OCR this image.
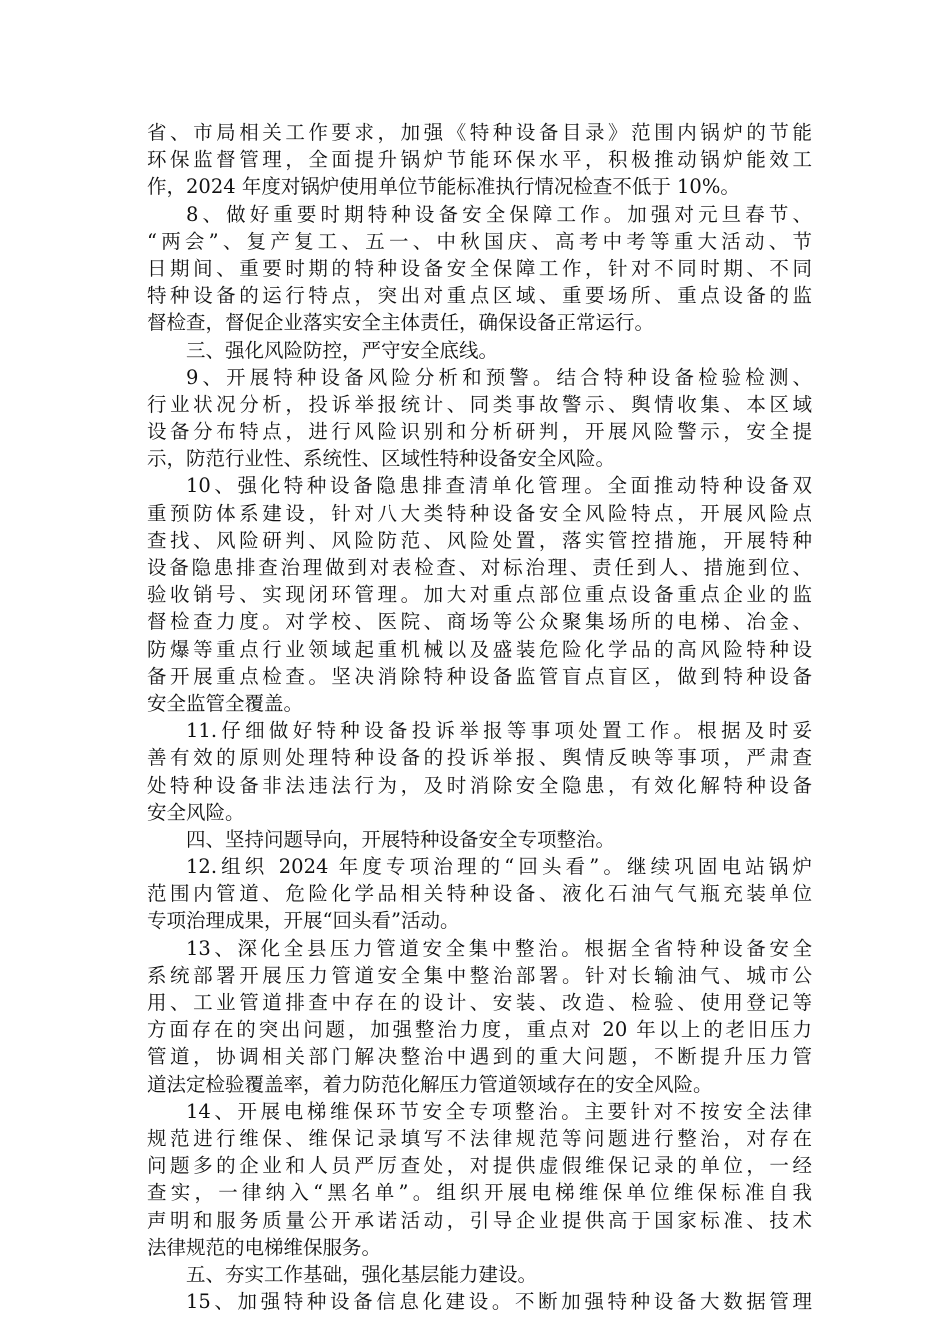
省、市局相关工作要求，加强《特种设备目录》范围内锅炉的节能
环保监督管理，全面提升锅炉节能环保水平，积极推动锅炉能效工
作，2024 年度对锅炉使用单位节能标准执行情况检查不低于 10%。
8、做好重要时期特种设备安全保障工作。加强对元旦春节、
“两会”、复产复工、五一、中秋国庆、高考中考等重大活动、节
日期间、重要时期的特种设备安全保障工作，针对不同时期、不同
特种设备的运行特点，突出对重点区域、重要场所、重点设备的监
督检查，督促企业落实安全主体责任，确保设备正常运行。
三、强化风险防控，严守安全底线。
9、开展特种设备风险分析和预警。结合特种设备检验检测、
行业状况分析，投诉举报统计、同类事故警示、舆情收集、本区域
设备分布特点，进行风险识别和分析研判，开展风险警示，安全提
示，防范行业性、系统性、区域性特种设备安全风险。
10、强化特种设备隐患排查清单化管理。全面推动特种设备双
重预防体系建设，针对八大类特种设备安全风险特点，开展风险点
查找、风险研判、风险防范、风险处置，落实管控措施，开展特种
设备隐患排查治理做到对表检查、对标治理、责任到人、措施到位、
验收销号、实现闭环管理。加大对重点部位重点设备重点企业的监
督检查力度。对学校、医院、商场等公众聚集场所的电梯、冶金、
防爆等重点行业领域起重机械以及盛装危险化学品的高风险特种设
备开展重点检查。坚决消除特种设备监管盲点盲区，做到特种设备
安全监管全覆盖。
11.仔细做好特种设备投诉举报等事项处置工作。根据及时妥
善有效的原则处理特种设备的投诉举报、舆情反映等事项，严肃查
处特种设备非法违法行为，及时消除安全隐患，有效化解特种设备
安全风险。
四、坚持问题导向，开展特种设备安全专项整治。
12.组织 2024 年度专项治理的“回头看”。继续巩固电站锅炉
范围内管道、危险化学品相关特种设备、液化石油气气瓶充装单位
专项治理成果，开展“回头看”活动。
13、深化全县压力管道安全集中整治。根据全省特种设备安全
系统部署开展压力管道安全集中整治部署。针对长输油气、城市公
用、工业管道排查中存在的设计、安装、改造、检验、使用登记等
方面存在的突出问题，加强整治力度，重点对 20 年以上的老旧压力
管道，协调相关部门解决整治中遇到的重大问题，不断提升压力管
道法定检验覆盖率，着力防范化解压力管道领域存在的安全风险。
14、开展电梯维保环节安全专项整治。主要针对不按安全法律
规范进行维保、维保记录填写不法律规范等问题进行整治，对存在
问题多的企业和人员严厉查处，对提供虚假维保记录的单位，一经
查实，一律纳入“黑名单”。组织开展电梯维保单位维保标准自我
声明和服务质量公开承诺活动，引导企业提供高于国家标准、技术
法律规范的电梯维保服务。
五、夯实工作基础，强化基层能力建设。
15、加强特种设备信息化建设。不断加强特种设备大数据管理
